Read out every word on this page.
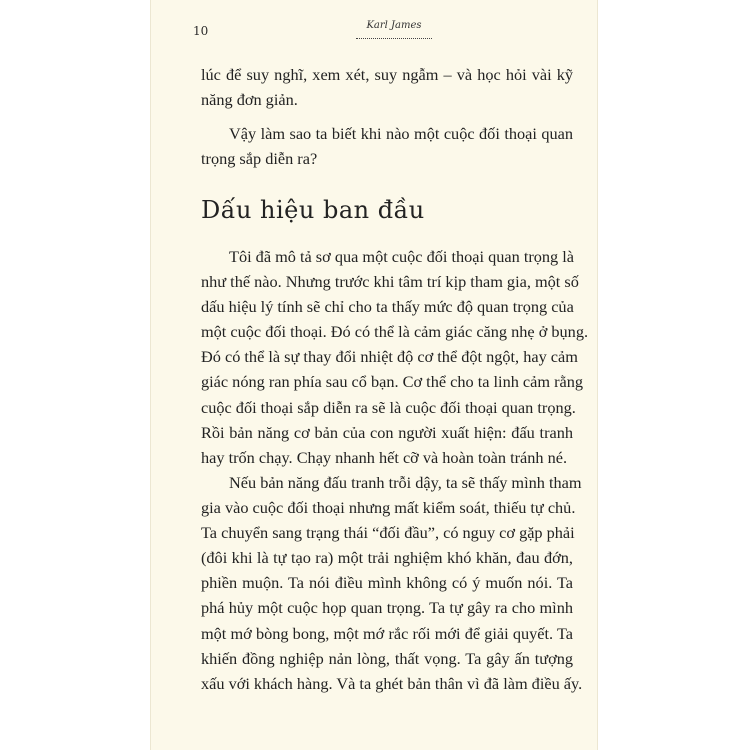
10	Karl James

lúc để suy nghĩ, xem xét, suy ngẫm – và học hỏi vài kỹ
năng đơn giản.

Vậy làm sao ta biết khi nào một cuộc đối thoại quan
trọng sắp diễn ra?

Dấu hiệu ban đầu

Tôi đã mô tả sơ qua một cuộc đối thoại quan trọng là
như thế nào. Nhưng trước khi tâm trí kịp tham gia, một số
dấu hiệu lý tính sẽ chỉ cho ta thấy mức độ quan trọng của
một cuộc đối thoại. Đó có thể là cảm giác căng nhẹ ở bụng.
Đó có thể là sự thay đổi nhiệt độ cơ thể đột ngột, hay cảm
giác nóng ran phía sau cổ bạn. Cơ thể cho ta linh cảm rằng
cuộc đối thoại sắp diễn ra sẽ là cuộc đối thoại quan trọng.
Rồi bản năng cơ bản của con người xuất hiện: đấu tranh
hay trốn chạy. Chạy nhanh hết cỡ và hoàn toàn tránh né.

Nếu bản năng đấu tranh trỗi dậy, ta sẽ thấy mình tham
gia vào cuộc đối thoại nhưng mất kiểm soát, thiếu tự chủ.
Ta chuyển sang trạng thái “đối đầu”, có nguy cơ gặp phải
(đôi khi là tự tạo ra) một trải nghiệm khó khăn, đau đớn,
phiền muộn. Ta nói điều mình không có ý muốn nói. Ta
phá hủy một cuộc họp quan trọng. Ta tự gây ra cho mình
một mớ bòng bong, một mớ rắc rối mới để giải quyết. Ta
khiến đồng nghiệp nản lòng, thất vọng. Ta gây ấn tượng
xấu với khách hàng. Và ta ghét bản thân vì đã làm điều ấy.
